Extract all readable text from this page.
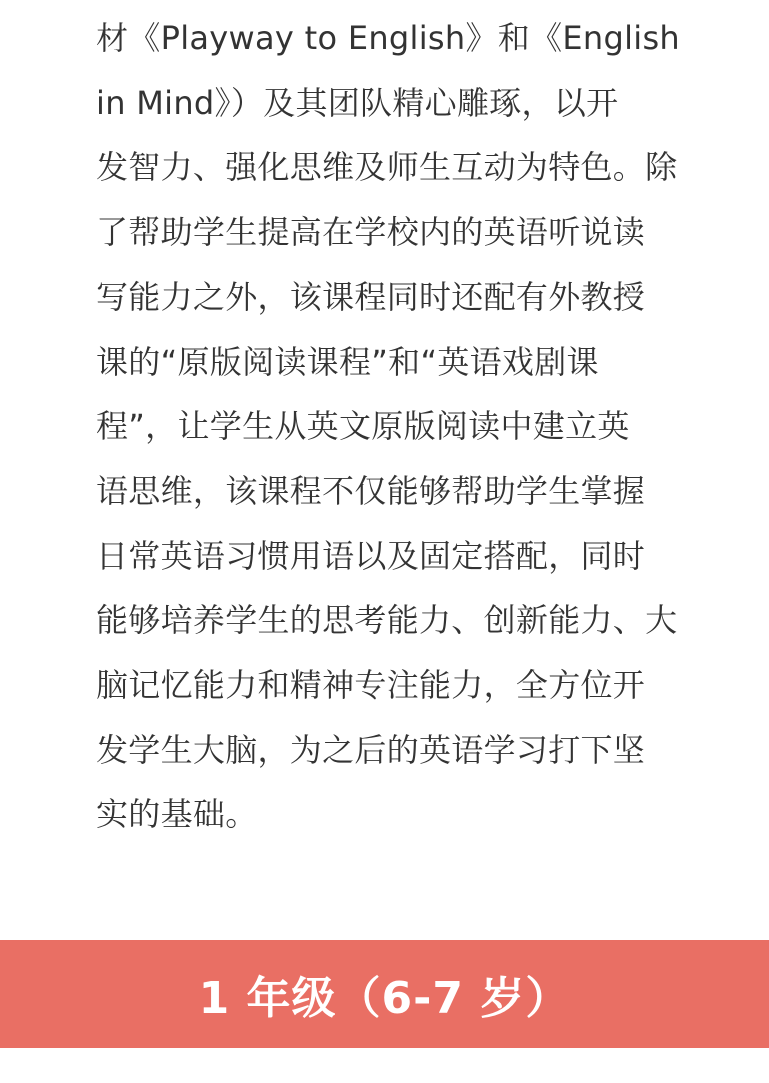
材《Playway to English》和《English
in Mind》）及其团队精心雕琢，以开
发智力、强化思维及师生互动为特色。除
了帮助学生提高在学校内的英语听说读
写能力之外，该课程同时还配有外教授
课的“原版阅读课程”和“英语戏剧课
程”，让学生从英文原版阅读中建立英
语思维，该课程不仅能够帮助学生掌握
日常英语习惯用语以及固定搭配，同时
能够培养学生的思考能力、创新能力、大
脑记忆能力和精神专注能力，全方位开
发学生大脑，为之后的英语学习打下坚
实的基础。
1 年级（6-7 岁）
